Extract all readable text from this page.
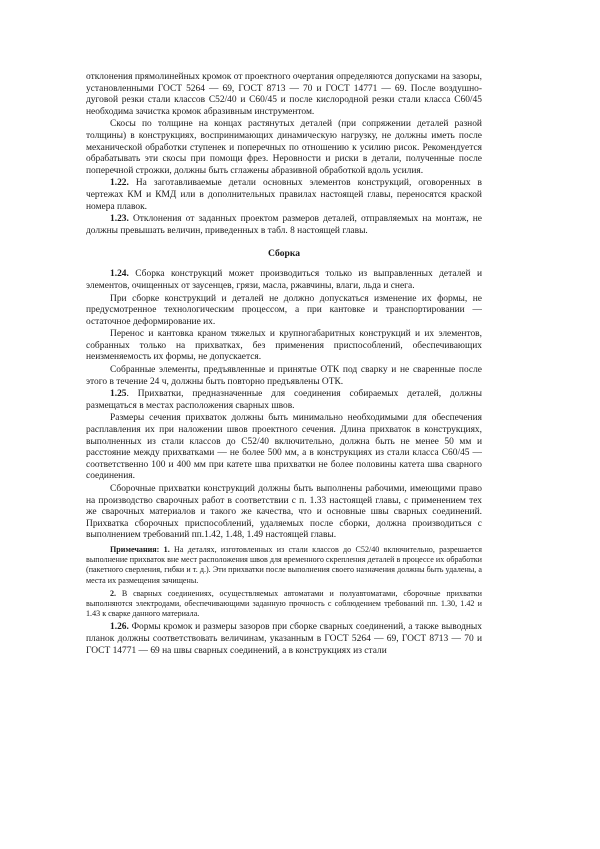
отклонения прямолинейных кромок от проектного очертания определяются допусками на зазоры, установленными ГОСТ 5264 — 69, ГОСТ 8713 — 70 и ГОСТ 14771 — 69. После воздушно-дуговой резки стали классов С52/40 и С60/45 и после кислородной резки стали класса С60/45 необходима зачистка кромок абразивным инструментом.

Скосы по толщине на концах растянутых деталей (при сопряжении деталей разной толщины) в конструкциях, воспринимающих динамическую нагрузку, не должны иметь после механической обработки ступенек и поперечных по отношению к усилию рисок. Рекомендуется обрабатывать эти скосы при помощи фрез. Неровности и риски в детали, полученные после поперечной строжки, должны быть сглажены абразивной обработкой вдоль усилия.

1.22. На заготавливаемые детали основных элементов конструкций, оговоренных в чертежах КМ и КМД или в дополнительных правилах настоящей главы, переносятся краской номера плавок.

1.23. Отклонения от заданных проектом размеров деталей, отправляемых на монтаж, не должны превышать величин, приведенных в табл. 8 настоящей главы.

Сборка

1.24. Сборка конструкций может производиться только из выправленных деталей и элементов, очищенных от заусенцев, грязи, масла, ржавчины, влаги, льда и снега.

При сборке конструкций и деталей не должно допускаться изменение их формы, не предусмотренное технологическим процессом, а при кантовке и транспортировании — остаточное деформирование их.

Перенос и кантовка краном тяжелых и крупногабаритных конструкций и их элементов, собранных только на прихватках, без применения приспособлений, обеспечивающих неизменяемость их формы, не допускается.

Собранные элементы, предъявленные и принятые ОТК под сварку и не сваренные после этого в течение 24 ч, должны быть повторно предъявлены ОТК.

1.25. Прихватки, предназначенные для соединения собираемых деталей, должны размещаться в местах расположения сварных швов.

Размеры сечения прихваток должны быть минимально необходимыми для обеспечения расплавления их при наложении швов проектного сечения. Длина прихваток в конструкциях, выполненных из стали классов до С52/40 включительно, должна быть не менее 50 мм и расстояние между прихватками — не более 500 мм, а в конструкциях из стали класса С60/45 — соответственно 100 и 400 мм при катете шва прихватки не более половины катета шва сварного соединения.

Сборочные прихватки конструкций должны быть выполнены рабочими, имеющими право на производство сварочных работ в соответствии с п. 1.33 настоящей главы, с применением тех же сварочных материалов и такого же качества, что и основные швы сварных соединений. Прихватка сборочных приспособлений, удаляемых после сборки, должна производиться с выполнением требований пп.1.42, 1.48, 1.49 настоящей главы.

Примечания: 1. На деталях, изготовленных из стали классов до С52/40 включительно, разрешается выполнение прихваток вне мест расположения швов для временного скрепления деталей в процессе их обработки (пакетного сверления, гибки и т. д.). Эти прихватки после выполнения своего назначения должны быть удалены, а места их размещения зачищены.

2. В сварных соединениях, осуществляемых автоматами и полуавтоматами, сборочные прихватки выполняются электродами, обеспечивающими заданную прочность с соблюдением требований пп. 1.30, 1.42 и 1.43 к сварке данного материала.

1.26. Формы кромок и размеры зазоров при сборке сварных соединений, а также выводных планок должны соответствовать величинам, указанным в ГОСТ 5264 — 69, ГОСТ 8713 — 70 и ГОСТ 14771 — 69 на швы сварных соединений, а в конструкциях из стали
